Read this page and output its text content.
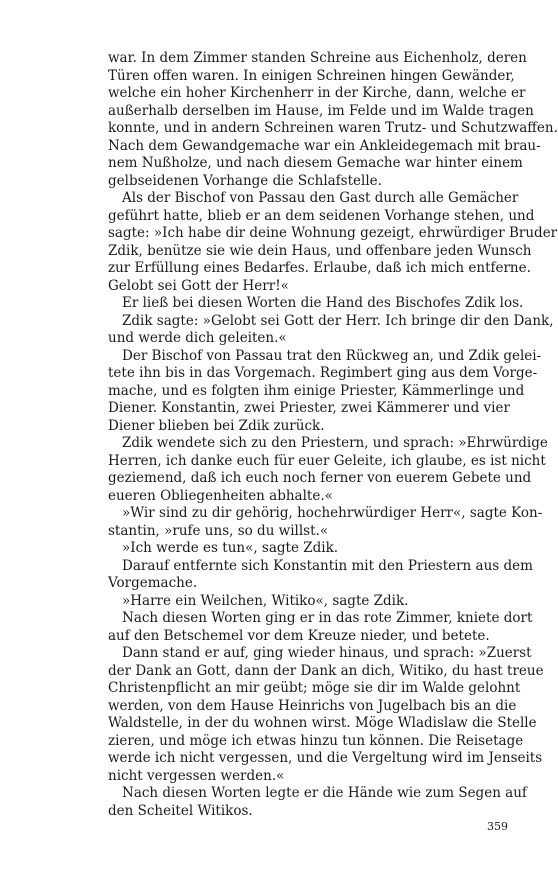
war. In dem Zimmer standen Schreine aus Eichenholz, deren
Türen offen waren. In einigen Schreinen hingen Gewänder,
welche ein hoher Kirchenherr in der Kirche, dann, welche er
außerhalb derselben im Hause, im Felde und im Walde tragen
konnte, und in andern Schreinen waren Trutz- und Schutzwaffen.
Nach dem Gewandgemache war ein Ankleidegemach mit brau-
nem Nußholze, und nach diesem Gemache war hinter einem
gelbseidenen Vorhange die Schlafstelle.
Als der Bischof von Passau den Gast durch alle Gemächer
geführt hatte, blieb er an dem seidenen Vorhange stehen, und
sagte: »Ich habe dir deine Wohnung gezeigt, ehrwürdiger Bruder
Zdik, benütze sie wie dein Haus, und offenbare jeden Wunsch
zur Erfüllung eines Bedarfes. Erlaube, daß ich mich entferne.
Gelobt sei Gott der Herr!«
Er ließ bei diesen Worten die Hand des Bischofes Zdik los.
Zdik sagte: »Gelobt sei Gott der Herr. Ich bringe dir den Dank,
und werde dich geleiten.«
Der Bischof von Passau trat den Rückweg an, und Zdik gelei-
tete ihn bis in das Vorgemach. Regimbert ging aus dem Vorge-
mache, und es folgten ihm einige Priester, Kämmerlinge und
Diener. Konstantin, zwei Priester, zwei Kämmerer und vier
Diener blieben bei Zdik zurück.
Zdik wendete sich zu den Priestern, und sprach: »Ehrwürdige
Herren, ich danke euch für euer Geleite, ich glaube, es ist nicht
geziemend, daß ich euch noch ferner von euerem Gebete und
eueren Obliegenheiten abhalte.«
»Wir sind zu dir gehörig, hochehrwürdiger Herr«, sagte Kon-
stantin, »rufe uns, so du willst.«
»Ich werde es tun«, sagte Zdik.
Darauf entfernte sich Konstantin mit den Priestern aus dem
Vorgemache.
»Harre ein Weilchen, Witiko«, sagte Zdik.
Nach diesen Worten ging er in das rote Zimmer, kniete dort
auf den Betschemel vor dem Kreuze nieder, und betete.
Dann stand er auf, ging wieder hinaus, und sprach: »Zuerst
der Dank an Gott, dann der Dank an dich, Witiko, du hast treue
Christenpflicht an mir geübt; möge sie dir im Walde gelohnt
werden, von dem Hause Heinrichs von Jugelbach bis an die
Waldstelle, in der du wohnen wirst. Möge Wladislaw die Stelle
zieren, und möge ich etwas hinzu tun können. Die Reisetage
werde ich nicht vergessen, und die Vergeltung wird im Jenseits
nicht vergessen werden.«
Nach diesen Worten legte er die Hände wie zum Segen auf
den Scheitel Witikos.
359
